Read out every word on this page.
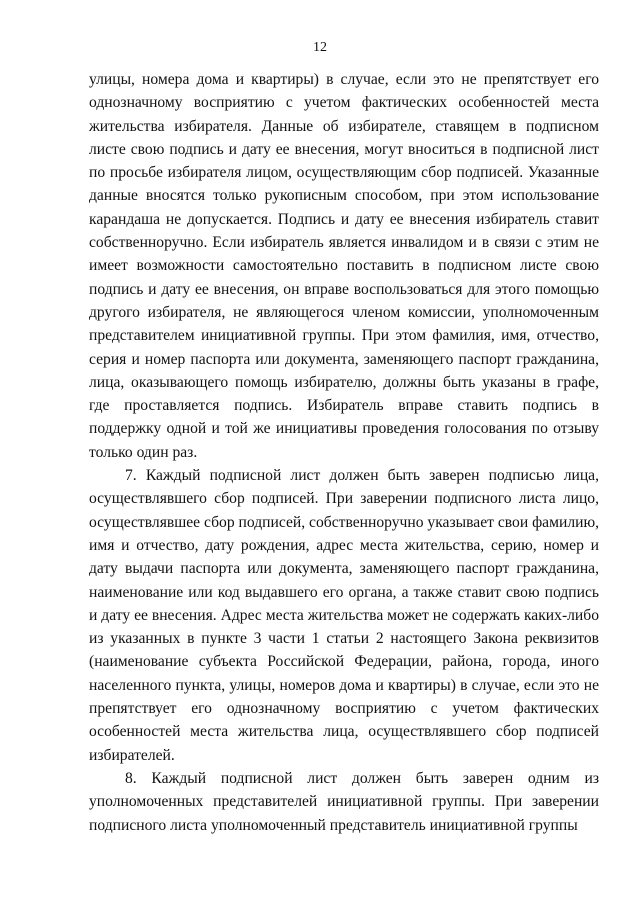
12

улицы, номера дома и квартиры) в случае, если это не препятствует его однозначному восприятию с учетом фактических особенностей места жительства избирателя. Данные об избирателе, ставящем в подписном листе свою подпись и дату ее внесения, могут вноситься в подписной лист по просьбе избирателя лицом, осуществляющим сбор подписей. Указанные данные вносятся только рукописным способом, при этом использование карандаша не допускается. Подпись и дату ее внесения избиратель ставит собственноручно. Если избиратель является инвалидом и в связи с этим не имеет возможности самостоятельно поставить в подписном листе свою подпись и дату ее внесения, он вправе воспользоваться для этого помощью другого избирателя, не являющегося членом комиссии, уполномоченным представителем инициативной группы. При этом фамилия, имя, отчество, серия и номер паспорта или документа, заменяющего паспорт гражданина, лица, оказывающего помощь избирателю, должны быть указаны в графе, где проставляется подпись. Избиратель вправе ставить подпись в поддержку одной и той же инициативы проведения голосования по отзыву только один раз.

7. Каждый подписной лист должен быть заверен подписью лица, осуществлявшего сбор подписей. При заверении подписного листа лицо, осуществлявшее сбор подписей, собственноручно указывает свои фамилию, имя и отчество, дату рождения, адрес места жительства, серию, номер и дату выдачи паспорта или документа, заменяющего паспорт гражданина, наименование или код выдавшего его органа, а также ставит свою подпись и дату ее внесения. Адрес места жительства может не содержать каких-либо из указанных в пункте 3 части 1 статьи 2 настоящего Закона реквизитов (наименование субъекта Российской Федерации, района, города, иного населенного пункта, улицы, номеров дома и квартиры) в случае, если это не препятствует его однозначному восприятию с учетом фактических особенностей места жительства лица, осуществлявшего сбор подписей избирателей.

8. Каждый подписной лист должен быть заверен одним из уполномоченных представителей инициативной группы. При заверении подписного листа уполномоченный представитель инициативной группы
